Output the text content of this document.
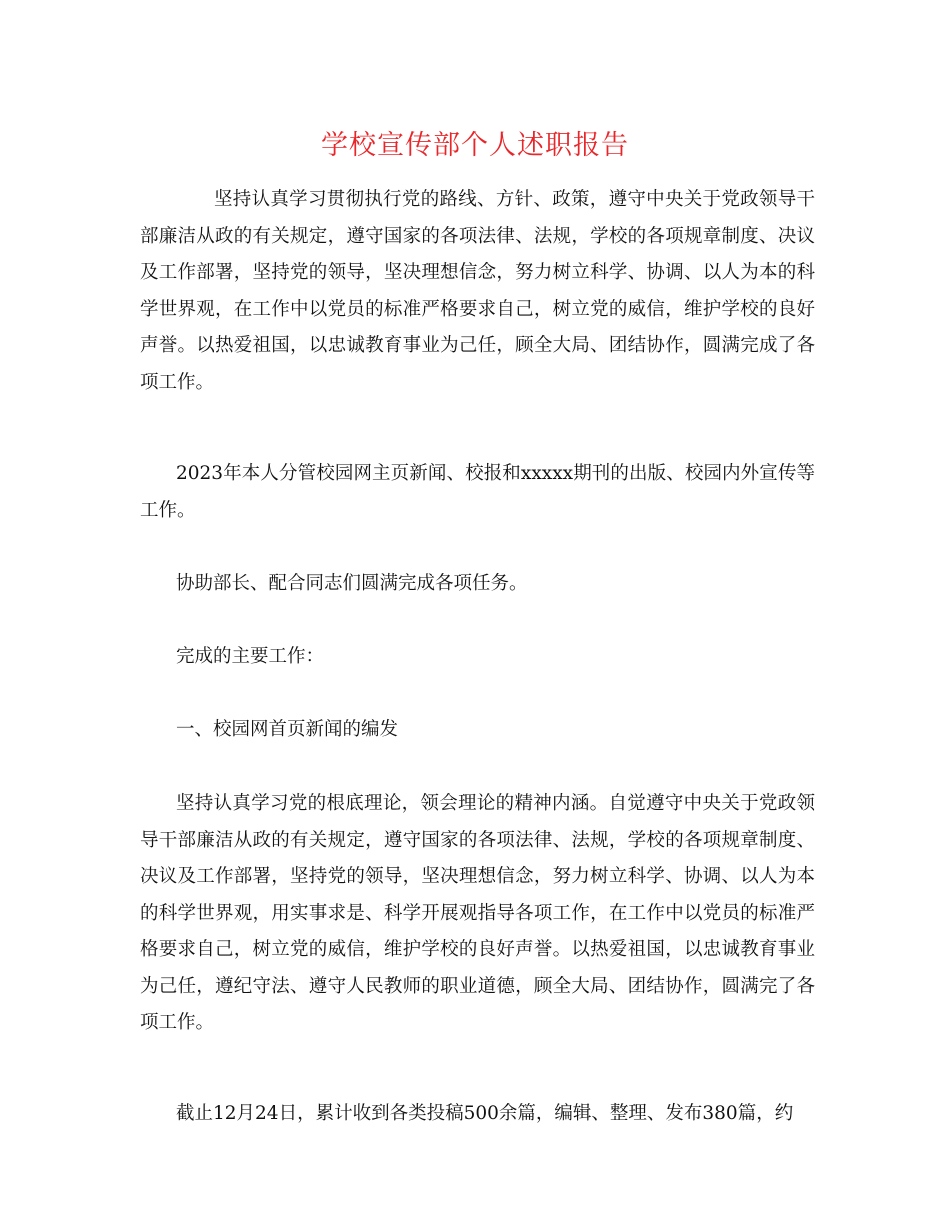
学校宣传部个人述职报告

坚持认真学习贯彻执行党的路线、方针、政策，遵守中央关于党政领导干部廉洁从政的有关规定，遵守国家的各项法律、法规，学校的各项规章制度、决议及工作部署，坚持党的领导，坚决理想信念，努力树立科学、协调、以人为本的科学世界观，在工作中以党员的标准严格要求自己，树立党的威信，维护学校的良好声誉。以热爱祖国，以忠诚教育事业为己任，顾全大局、团结协作，圆满完成了各项工作。

2023年本人分管校园网主页新闻、校报和xxxxx期刊的出版、校园内外宣传等工作。

协助部长、配合同志们圆满完成各项任务。

完成的主要工作：

一、校园网首页新闻的编发

坚持认真学习党的根底理论，领会理论的精神内涵。自觉遵守中央关于党政领导干部廉洁从政的有关规定，遵守国家的各项法律、法规，学校的各项规章制度、决议及工作部署，坚持党的领导，坚决理想信念，努力树立科学、协调、以人为本的科学世界观，用实事求是、科学开展观指导各项工作，在工作中以党员的标准严格要求自己，树立党的威信，维护学校的良好声誉。以热爱祖国，以忠诚教育事业为己任，遵纪守法、遵守人民教师的职业道德，顾全大局、团结协作，圆满完了各项工作。

截止12月24日，累计收到各类投稿500余篇，编辑、整理、发布380篇，约
